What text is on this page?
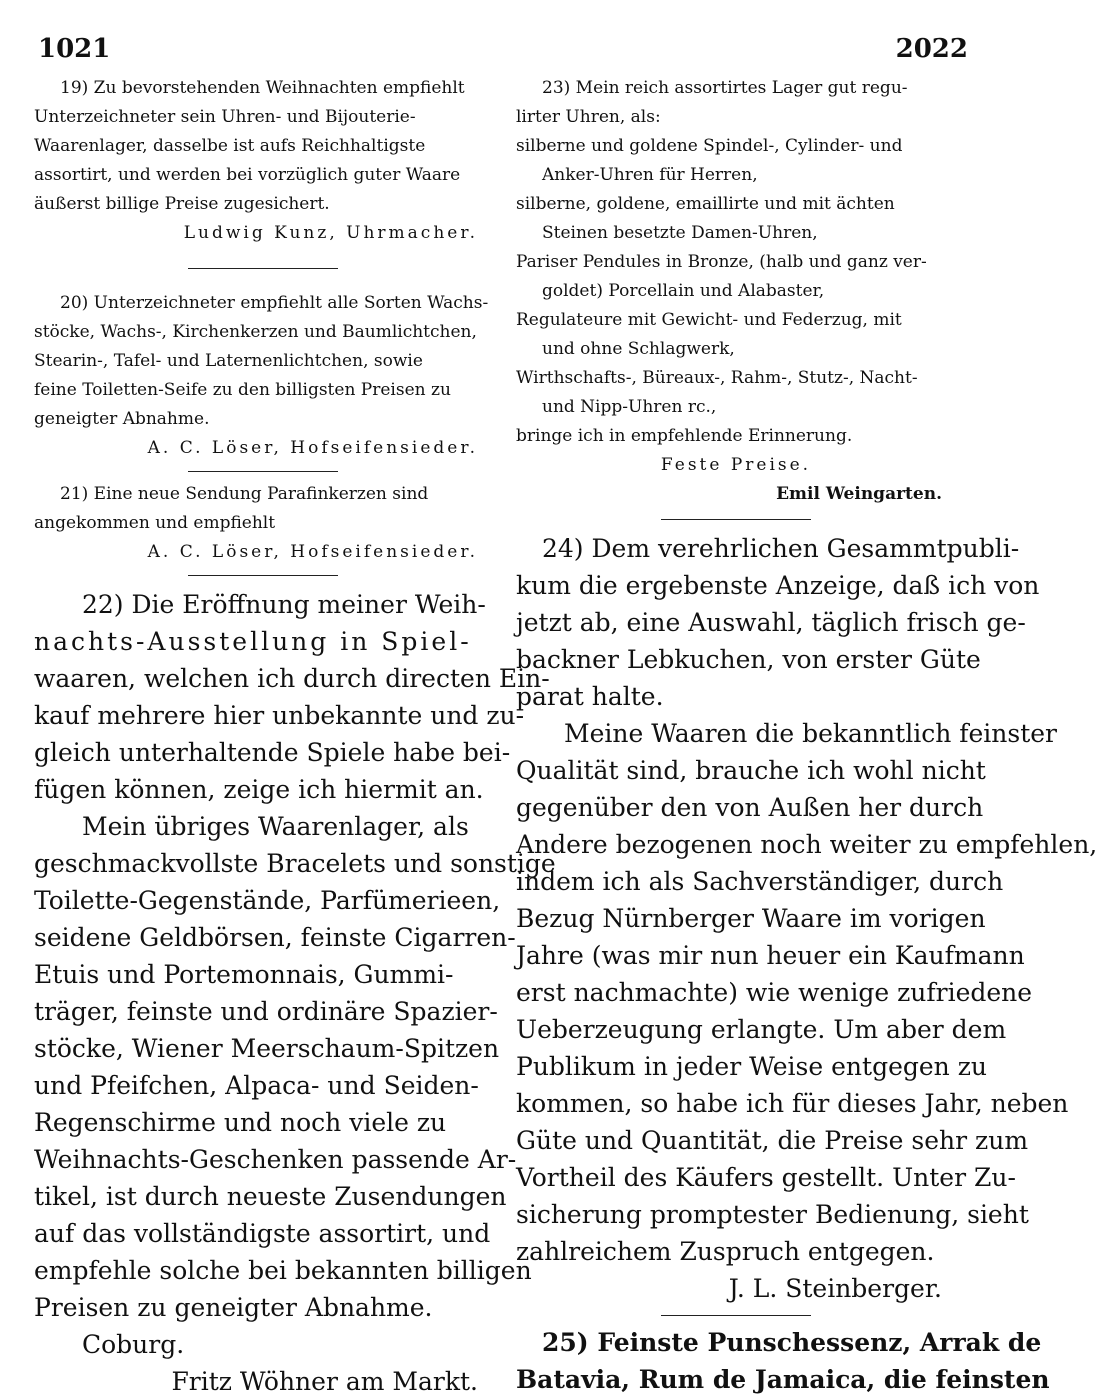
1021	2022
19) Zu bevorstehenden Weihnachten empfiehlt
Unterzeichneter sein Uhren- und Bijouterie-
Waarenlager, dasselbe ist aufs Reichhaltigste
assortirt, und werden bei vorzüglich guter Waare
äußerst billige Preise zugesichert.
Ludwig Kunz, Uhrmacher.
20) Unterzeichneter empfiehlt alle Sorten Wachs-
stöcke, Wachs-, Kirchenkerzen und Baumlichtchen,
Stearin-, Tafel- und Laternenlichtchen, sowie
feine Toiletten-Seife zu den billigsten Preisen zu
geneigter Abnahme.
A. C. Löser, Hofseifensieder.
21) Eine neue Sendung Parafinkerzen sind
angekommen und empfiehlt
A. C. Löser, Hofseifensieder.
22) Die Eröffnung meiner Weih-
nachts-Ausstellung in Spiel-
waaren, welchen ich durch directen Ein-
kauf mehrere hier unbekannte und zu-
gleich unterhaltende Spiele habe bei-
fügen können, zeige ich hiermit an.
Mein übriges Waarenlager, als
geschmackvollste Bracelets und sonstige
Toilette-Gegenstände, Parfümerieen,
seidene Geldbörsen, feinste Cigarren-
Etuis und Portemonnais, Gummi-
träger, feinste und ordinäre Spazier-
stöcke, Wiener Meerschaum-Spitzen
und Pfeifchen, Alpaca- und Seiden-
Regenschirme und noch viele zu
Weihnachts-Geschenken passende Ar-
tikel, ist durch neueste Zusendungen
auf das vollständigste assortirt, und
empfehle solche bei bekannten billigen
Preisen zu geneigter Abnahme.
Coburg.
Fritz Wöhner am Markt.
23) Mein reich assortirtes Lager gut regu-
lirter Uhren, als:
silberne und goldene Spindel-, Cylinder- und
Anker-Uhren für Herren,
silberne, goldene, emaillirte und mit ächten
Steinen besetzte Damen-Uhren,
Pariser Pendules in Bronze, (halb und ganz ver-
goldet) Porcellain und Alabaster,
Regulateure mit Gewicht- und Federzug, mit
und ohne Schlagwerk,
Wirthschafts-, Büreaux-, Rahm-, Stutz-, Nacht-
und Nipp-Uhren rc.,
bringe ich in empfehlende Erinnerung.
Feste Preise.
Emil Weingarten.
24) Dem verehrlichen Gesammtpubli-
kum die ergebenste Anzeige, daß ich von
jetzt ab, eine Auswahl, täglich frisch ge-
backner Lebkuchen, von erster Güte
parat halte.
Meine Waaren die bekanntlich feinster
Qualität sind, brauche ich wohl nicht
gegenüber den von Außen her durch
Andere bezogenen noch weiter zu empfehlen,
indem ich als Sachverständiger, durch
Bezug Nürnberger Waare im vorigen
Jahre (was mir nun heuer ein Kaufmann
erst nachmachte) wie wenige zufriedene
Ueberzeugung erlangte. Um aber dem
Publikum in jeder Weise entgegen zu
kommen, so habe ich für dieses Jahr, neben
Güte und Quantität, die Preise sehr zum
Vortheil des Käufers gestellt. Unter Zu-
sicherung promptester Bedienung, sieht
zahlreichem Zuspruch entgegen.
J. L. Steinberger.
25) Feinste Punschessenz, Arrak de
Batavia, Rum de Jamaica, die feinsten
